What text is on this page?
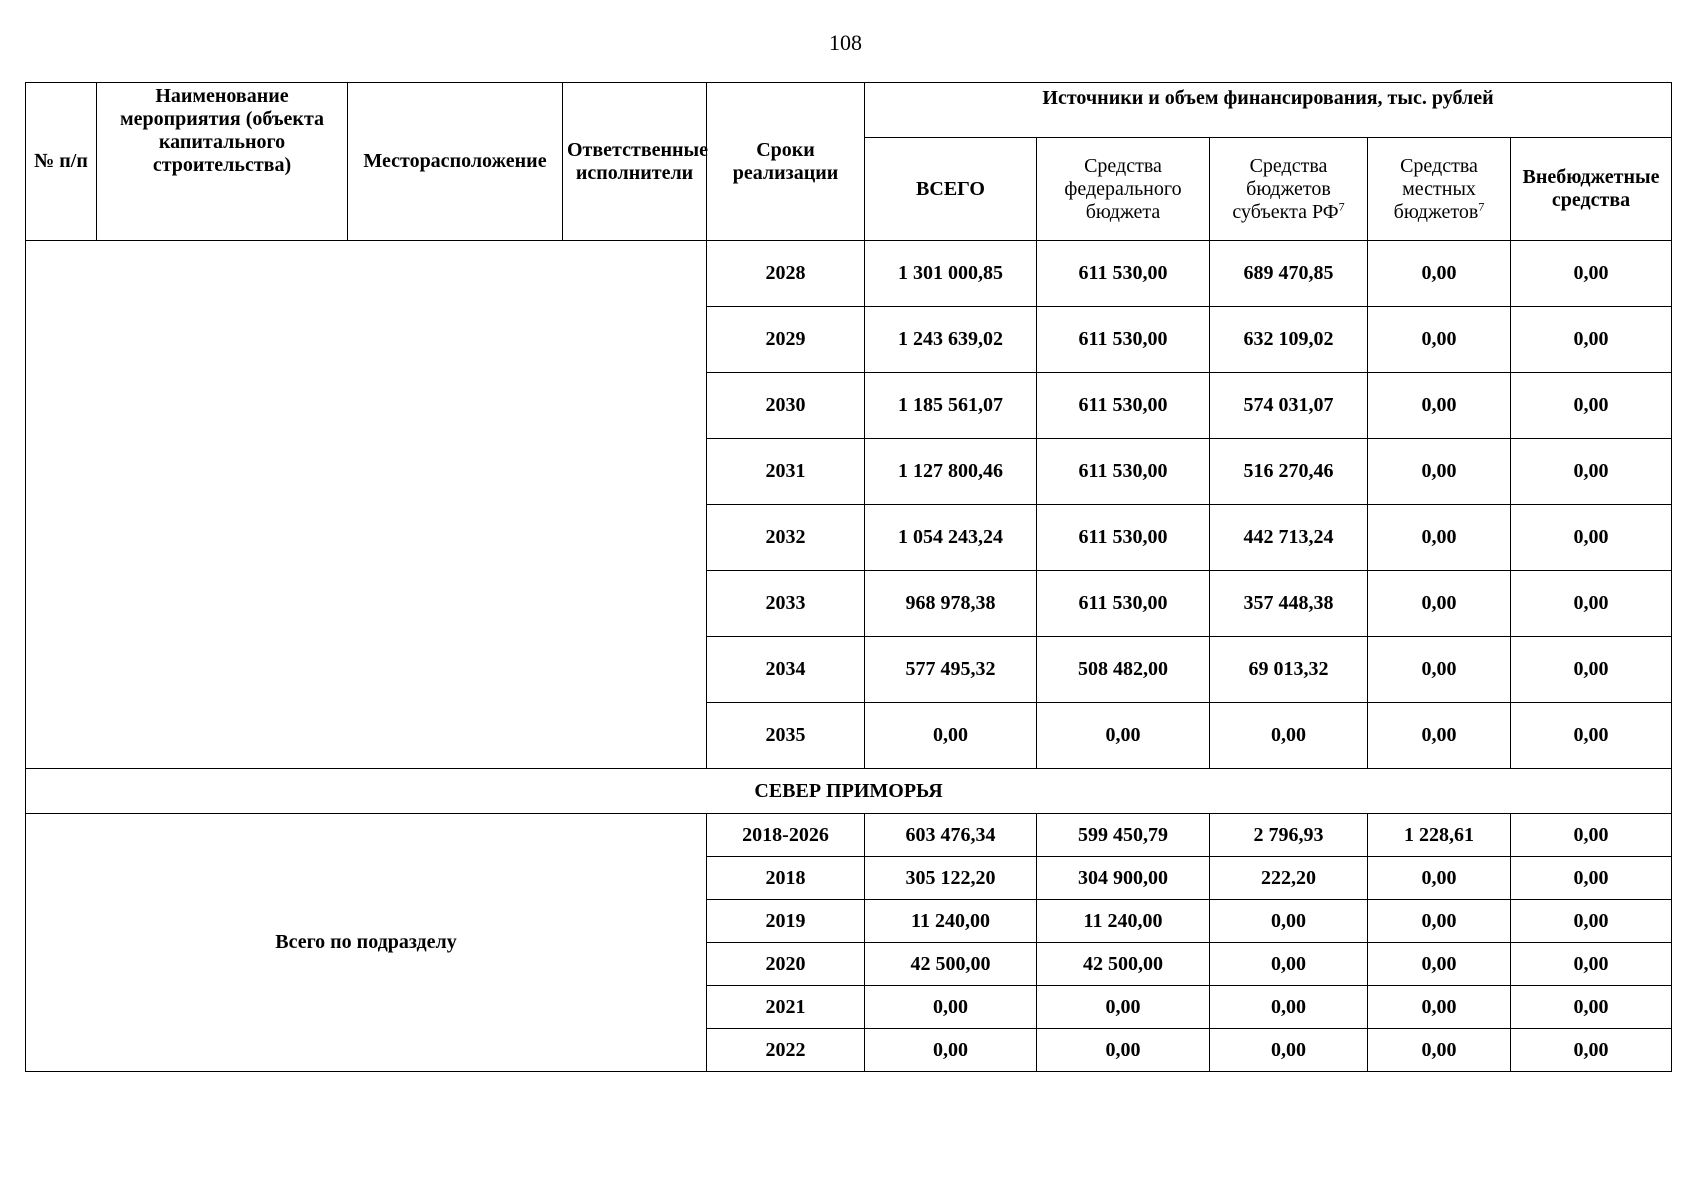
108
№ п/п	Наименование мероприятия (объекта капитального строительства)	Месторасположение	Ответственные исполнители	Сроки реализации	Источники и объем финансирования, тыс. рублей				
					ВСЕГО	Средства федерального бюджета	Средства бюджетов субъекта $РФ^7$	Средства местных бюджетов$^7$	Внебюджетные средства
				2028	1 301 000,85	611 530,00	689 470,85	0,00	0,00
				2029	1 243 639,02	611 530,00	632 109,02	0,00	0,00
				2030	1 185 561,07	611 530,00	574 031,07	0,00	0,00
				2031	1 127 800,46	611 530,00	516 270,46	0,00	0,00
				2032	1 054 243,24	611 530,00	442 713,24	0,00	0,00
				2033	968 978,38	611 530,00	357 448,38	0,00	0,00
				2034	577 495,32	508 482,00	69 013,32	0,00	0,00
				2035	0,00	0,00	0,00	0,00	0,00
СЕВЕР ПРИМОРЬЯ									
Всего по подразделу				2018-2026	603 476,34	599 450,79	2 796,93	1 228,61	0,00
				2018	305 122,20	304 900,00	222,20	0,00	0,00
				2019	11 240,00	11 240,00	0,00	0,00	0,00
				2020	42 500,00	42 500,00	0,00	0,00	0,00
				2021	0,00	0,00	0,00	0,00	0,00
				2022	0,00	0,00	0,00	0,00	0,00
